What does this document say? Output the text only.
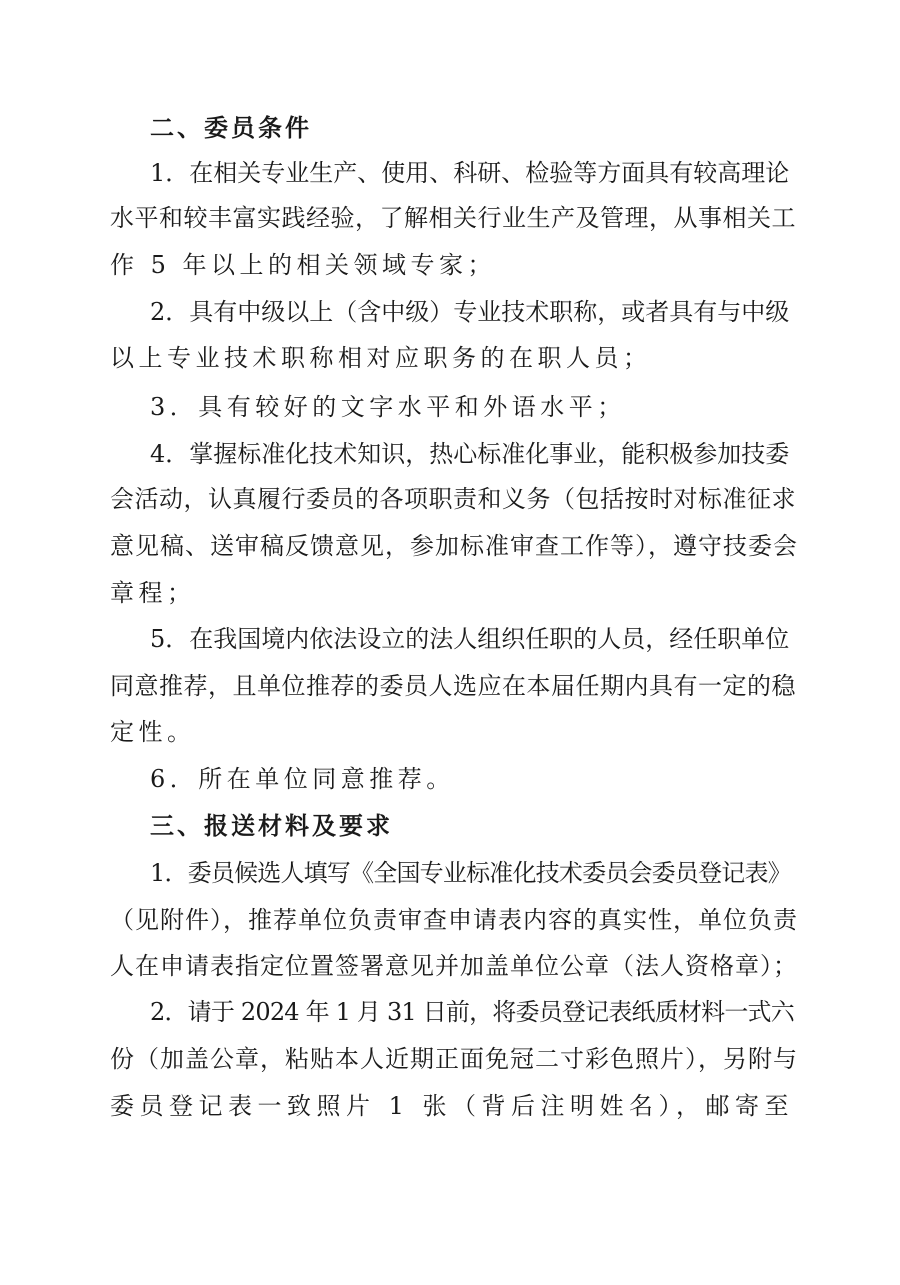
二、委员条件
1．在相关专业生产、使用、科研、检验等方面具有较高理论
水平和较丰富实践经验，了解相关行业生产及管理，从事相关工
作 5 年以上的相关领域专家；
2．具有中级以上（含中级）专业技术职称，或者具有与中级
以上专业技术职称相对应职务的在职人员；
3．具有较好的文字水平和外语水平；
4．掌握标准化技术知识，热心标准化事业，能积极参加技委
会活动，认真履行委员的各项职责和义务（包括按时对标准征求
意见稿、送审稿反馈意见，参加标准审查工作等），遵守技委会
章程；
5．在我国境内依法设立的法人组织任职的人员，经任职单位
同意推荐，且单位推荐的委员人选应在本届任期内具有一定的稳
定性。
6．所在单位同意推荐。
三、报送材料及要求
1．委员候选人填写《全国专业标准化技术委员会委员登记表》
（见附件），推荐单位负责审查申请表内容的真实性，单位负责
人在申请表指定位置签署意见并加盖单位公章（法人资格章）；
2．请于 2024 年 1 月 31 日前，将委员登记表纸质材料一式六
份（加盖公章，粘贴本人近期正面免冠二寸彩色照片），另附与
委员登记表一致照片 1 张（背后注明姓名），邮寄至
